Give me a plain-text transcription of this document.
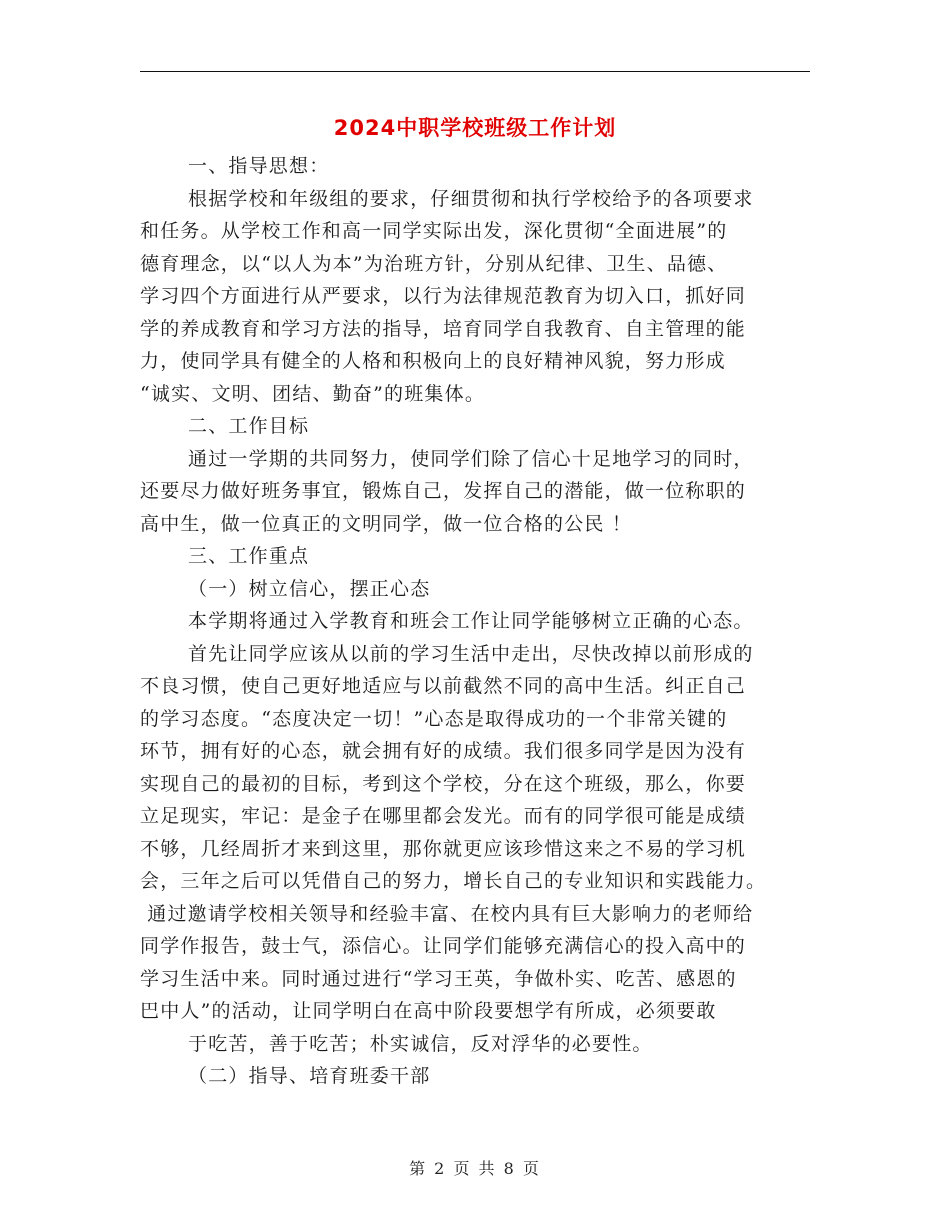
2024中职学校班级工作计划

一、指导思想：

根据学校和年级组的要求，仔细贯彻和执行学校给予的各项要求

和任务。从学校工作和高一同学实际出发，深化贯彻“全面进展”的

德育理念，以“以人为本”为治班方针，分别从纪律、卫生、品德、

学习四个方面进行从严要求，以行为法律规范教育为切入口，抓好同

学的养成教育和学习方法的指导，培育同学自我教育、自主管理的能

力，使同学具有健全的人格和积极向上的良好精神风貌，努力形成

“诚实、文明、团结、勤奋”的班集体。

二、工作目标

通过一学期的共同努力，使同学们除了信心十足地学习的同时，

还要尽力做好班务事宜，锻炼自己，发挥自己的潜能，做一位称职的

高中生，做一位真正的文明同学，做一位合格的公民 ！

三、工作重点

（一）树立信心，摆正心态

本学期将通过入学教育和班会工作让同学能够树立正确的心态。

首先让同学应该从以前的学习生活中走出，尽快改掉以前形成的

不良习惯，使自己更好地适应与以前截然不同的高中生活。纠正自己

的学习态度。“态度决定一切！”心态是取得成功的一个非常关键的

环节，拥有好的心态，就会拥有好的成绩。我们很多同学是因为没有

实现自己的最初的目标，考到这个学校，分在这个班级，那么，你要

立足现实，牢记：是金子在哪里都会发光。而有的同学很可能是成绩

不够，几经周折才来到这里，那你就更应该珍惜这来之不易的学习机

会，三年之后可以凭借自己的努力，增长自己的专业知识和实践能力。

通过邀请学校相关领导和经验丰富、在校内具有巨大影响力的老师给

同学作报告，鼓士气，添信心。让同学们能够充满信心的投入高中的

学习生活中来。同时通过进行“学习王英，争做朴实、吃苦、感恩的

巴中人”的活动，让同学明白在高中阶段要想学有所成，必须要敢

于吃苦，善于吃苦；朴实诚信，反对浮华的必要性。

（二）指导、培育班委干部

第 2 页 共 8 页
